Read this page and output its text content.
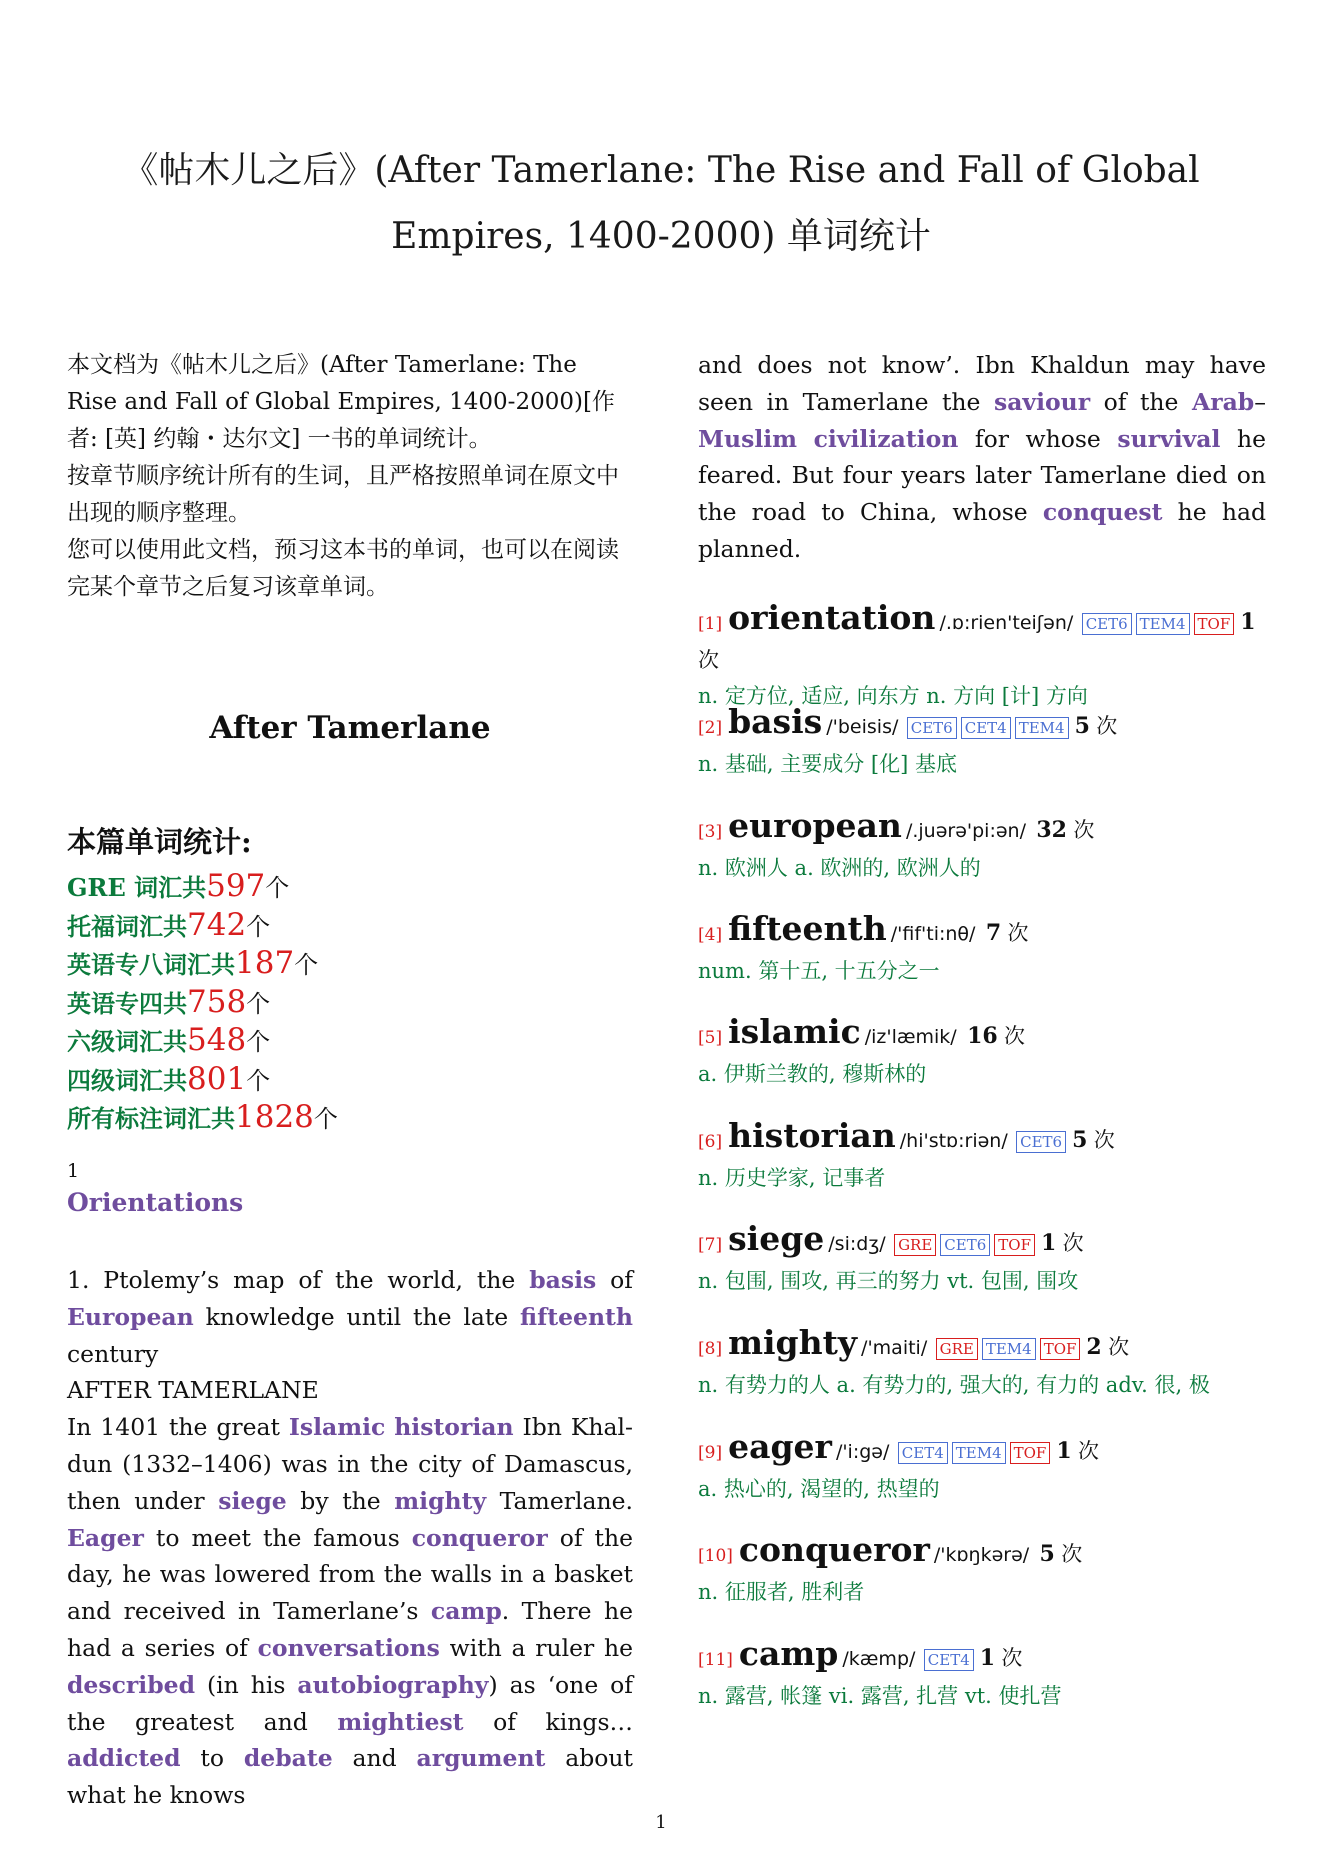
《帖木儿之后》(After Tamerlane: The Rise and Fall of Global
Empires, 1400-2000) 单词统计

本文档为《帖木儿之后》(After Tamerlane: The Rise and Fall of Global Empires, 1400-2000)[作者: [英] 约翰・达尔文] 一书的单词统计。

按章节顺序统计所有的生词，且严格按照单词在原文中出现的顺序整理。

您可以使用此文档，预习这本书的单词，也可以在阅读完某个章节之后复习该章单词。

After Tamerlane
本篇单词统计:
GRE 词汇共597个
托福词汇共742个
英语专八词汇共187个
英语专四共758个
六级词汇共548个
四级词汇共801个
所有标注词汇共1828个
1
Orientations

1. Ptolemy’s map of the world, the basis of European knowledge until the late fifteenth century

AFTER TAMERLANE

In 1401 the great Islamic historian Ibn Khal-dun (1332–1406) was in the city of Damascus, then under siege by the mighty Tamerlane. Eager to meet the famous conqueror of the day, he was lowered from the walls in a basket and received in Tamerlane’s camp. There he had a series of conversations with a ruler he described (in his autobiography) as ‘one of the greatest and mightiest of kings…addicted to debate and argument about what he knows

and does not know’. Ibn Khaldun may have seen in Tamerlane the saviour of the Arab–Muslim civilization for whose survival he feared. But four years later Tamerlane died on the road to China, whose conquest he had planned.

[1] orientation /.ɒ:rien'teiʃən/ CET6 TEM4 TOF 1 次
n. 定方位, 适应, 向东方 n. 方向 [计] 方向
[2] basis /'beisis/ CET6 CET4 TEM4 5 次
n. 基础, 主要成分 [化] 基底
[3] european /.juərə'pi:ən/ 32 次
n. 欧洲人 a. 欧洲的, 欧洲人的
[4] fifteenth /'fif'ti:nθ/ 7 次
num. 第十五, 十五分之一
[5] islamic /iz'læmik/ 16 次
a. 伊斯兰教的, 穆斯林的
[6] historian /hi'stɒ:riən/ CET6 5 次
n. 历史学家, 记事者
[7] siege /si:dʒ/ GRE CET6 TOF 1 次
n. 包围, 围攻, 再三的努力 vt. 包围, 围攻
[8] mighty /'maiti/ GRE TEM4 TOF 2 次
n. 有势力的人 a. 有势力的, 强大的, 有力的 adv. 很, 极
[9] eager /'i:gə/ CET4 TEM4 TOF 1 次
a. 热心的, 渴望的, 热望的
[10] conqueror /'kɒŋkərə/ 5 次
n. 征服者, 胜利者
[11] camp /kæmp/ CET4 1 次
n. 露营, 帐篷 vi. 露营, 扎营 vt. 使扎营
1
